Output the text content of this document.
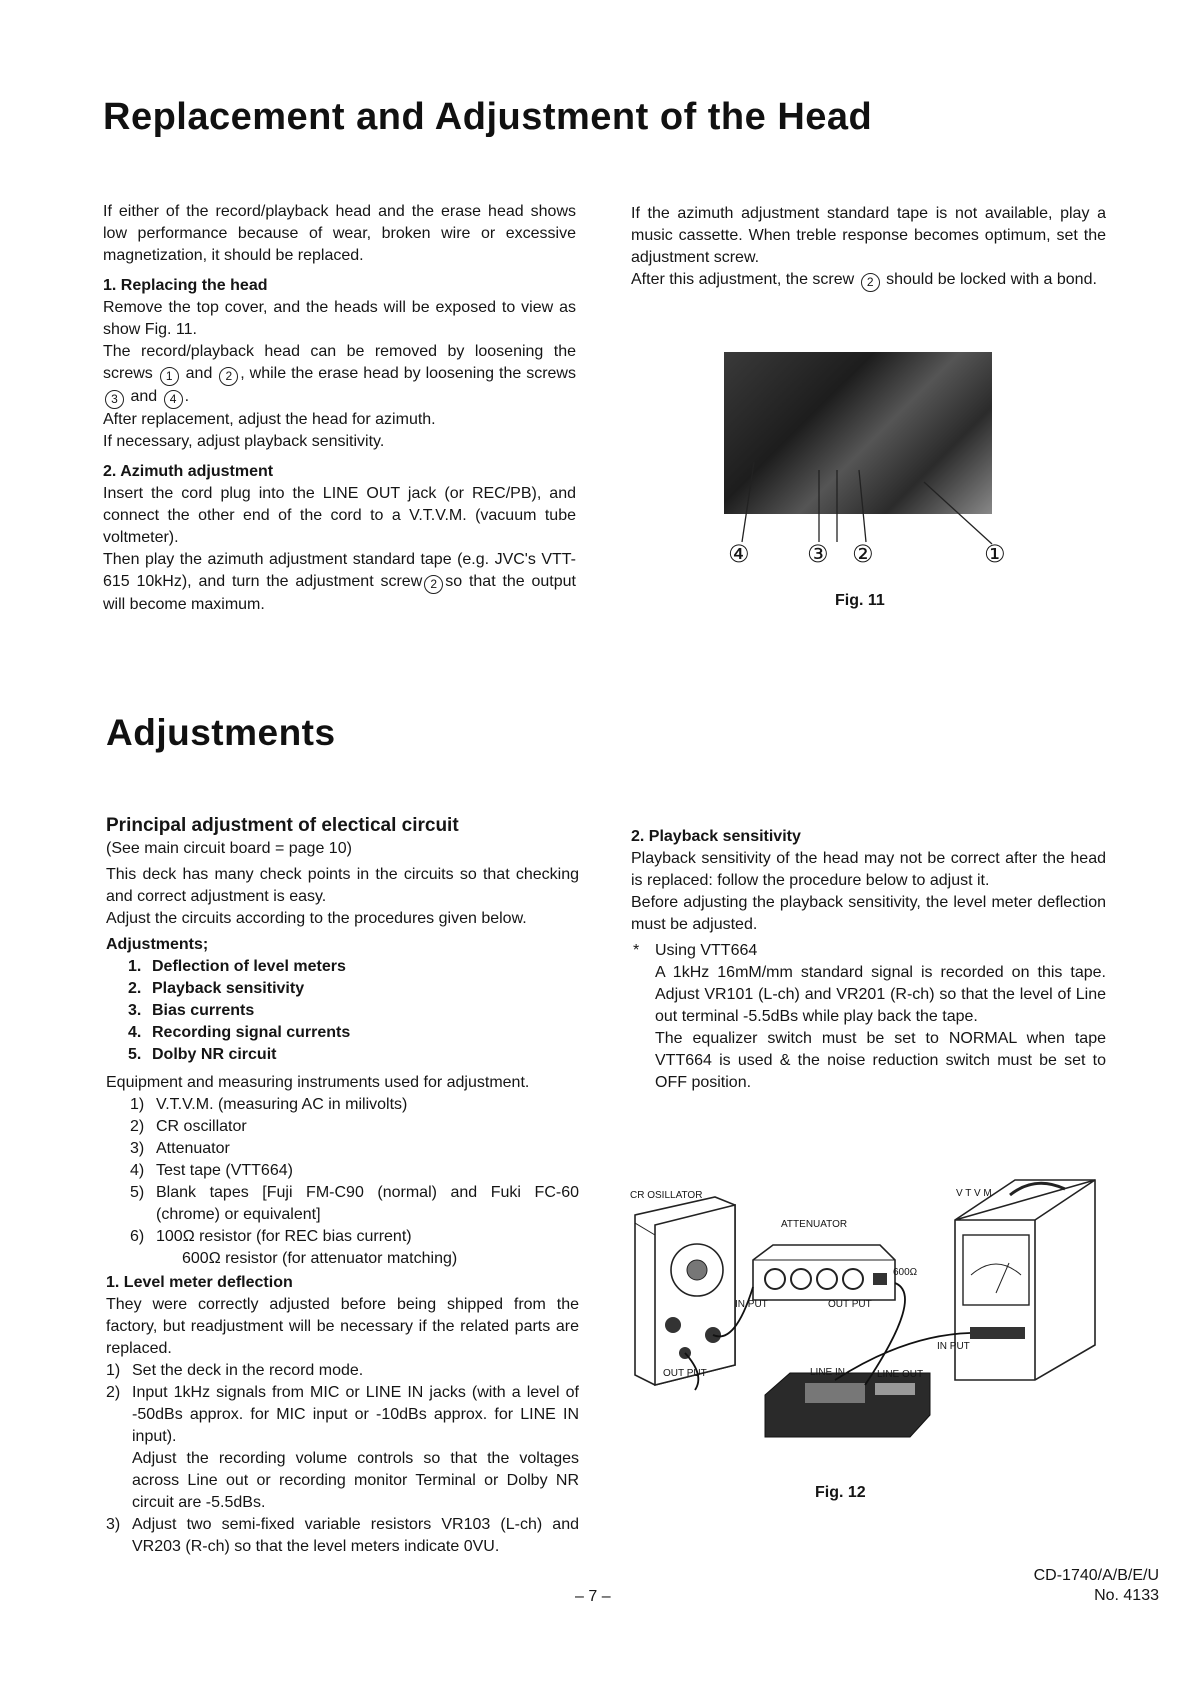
Replacement and Adjustment of the Head

If either of the record/playback head and the erase head shows low performance because of wear, broken wire or excessive magnetization, it should be replaced.

1. Replacing the head

Remove the top cover, and the heads will be exposed to view as show Fig. 11.

The record/playback head can be removed by loosening the screws 1 and 2 , while the erase head by loosening the screws 3 and 4 .

After replacement, adjust the head for azimuth.

If necessary, adjust playback sensitivity.

2. Azimuth adjustment

Insert the cord plug into the LINE OUT jack (or REC/PB), and connect the other end of the cord to a V.T.V.M. (vacuum tube voltmeter).

Then play the azimuth adjustment standard tape (e.g. JVC's VTT-615 10kHz), and turn the adjustment screw 2 so that the output will become maximum.

If the azimuth adjustment standard tape is not available, play a music cassette. When treble response becomes optimum, set the adjustment screw.

After this adjustment, the screw 2 should be locked with a bond.

④ ③ ②	①
Fig. 11
Adjustments

Principal adjustment of electical circuit

(See main circuit board = page 10)

This deck has many check points in the circuits so that checking and correct adjustment is easy.

Adjust the circuits according to the procedures given below.

Adjustments;

1. Deflection of level meters
2. Playback sensitivity
3. Bias currents
4. Recording signal currents
5. Dolby NR circuit

Equipment and measuring instruments used for adjustment.

1) V.T.V.M. (measuring AC in milivolts)
2) CR oscillator
3) Attenuator
4) Test tape (VTT664)
5) Blank tapes [Fuji FM-C90 (normal) and Fuki FC-60 (chrome) or equivalent]
6) 100Ω resistor (for REC bias current)
600Ω resistor (for attenuator matching)

1. Level meter deflection

They were correctly adjusted before being shipped from the factory, but readjustment will be necessary if the related parts are replaced.

1) Set the deck in the record mode.
2) Input 1kHz signals from MIC or LINE IN jacks (with a level of -50dBs approx. for MIC input or -10dBs approx. for LINE IN input).
Adjust the recording volume controls so that the voltages across Line out or recording monitor Terminal or Dolby NR circuit are -5.5dBs.
3) Adjust two semi-fixed variable resistors VR103 (L-ch) and VR203 (R-ch) so that the level meters indicate 0VU.

2. Playback sensitivity

Playback sensitivity of the head may not be correct after the head is replaced: follow the procedure below to adjust it.

Before adjusting the playback sensitivity, the level meter deflection must be adjusted.

* Using VTT664

A 1kHz 16mM/mm standard signal is recorded on this tape. Adjust VR101 (L-ch) and VR201 (R-ch) so that the level of Line out terminal -5.5dBs while play back the tape.

The equalizer switch must be set to NORMAL when tape VTT664 is used & the noise reduction switch must be set to OFF position.

CR OSILLATOR	V T V M
ATTENUATOR
600Ω
IN PUT	OUT PUT
IN PUT
OUT PUT	LINE IN	LINE OUT
Fig. 12
– 7 –
CD-1740/A/B/E/U
No. 4133
